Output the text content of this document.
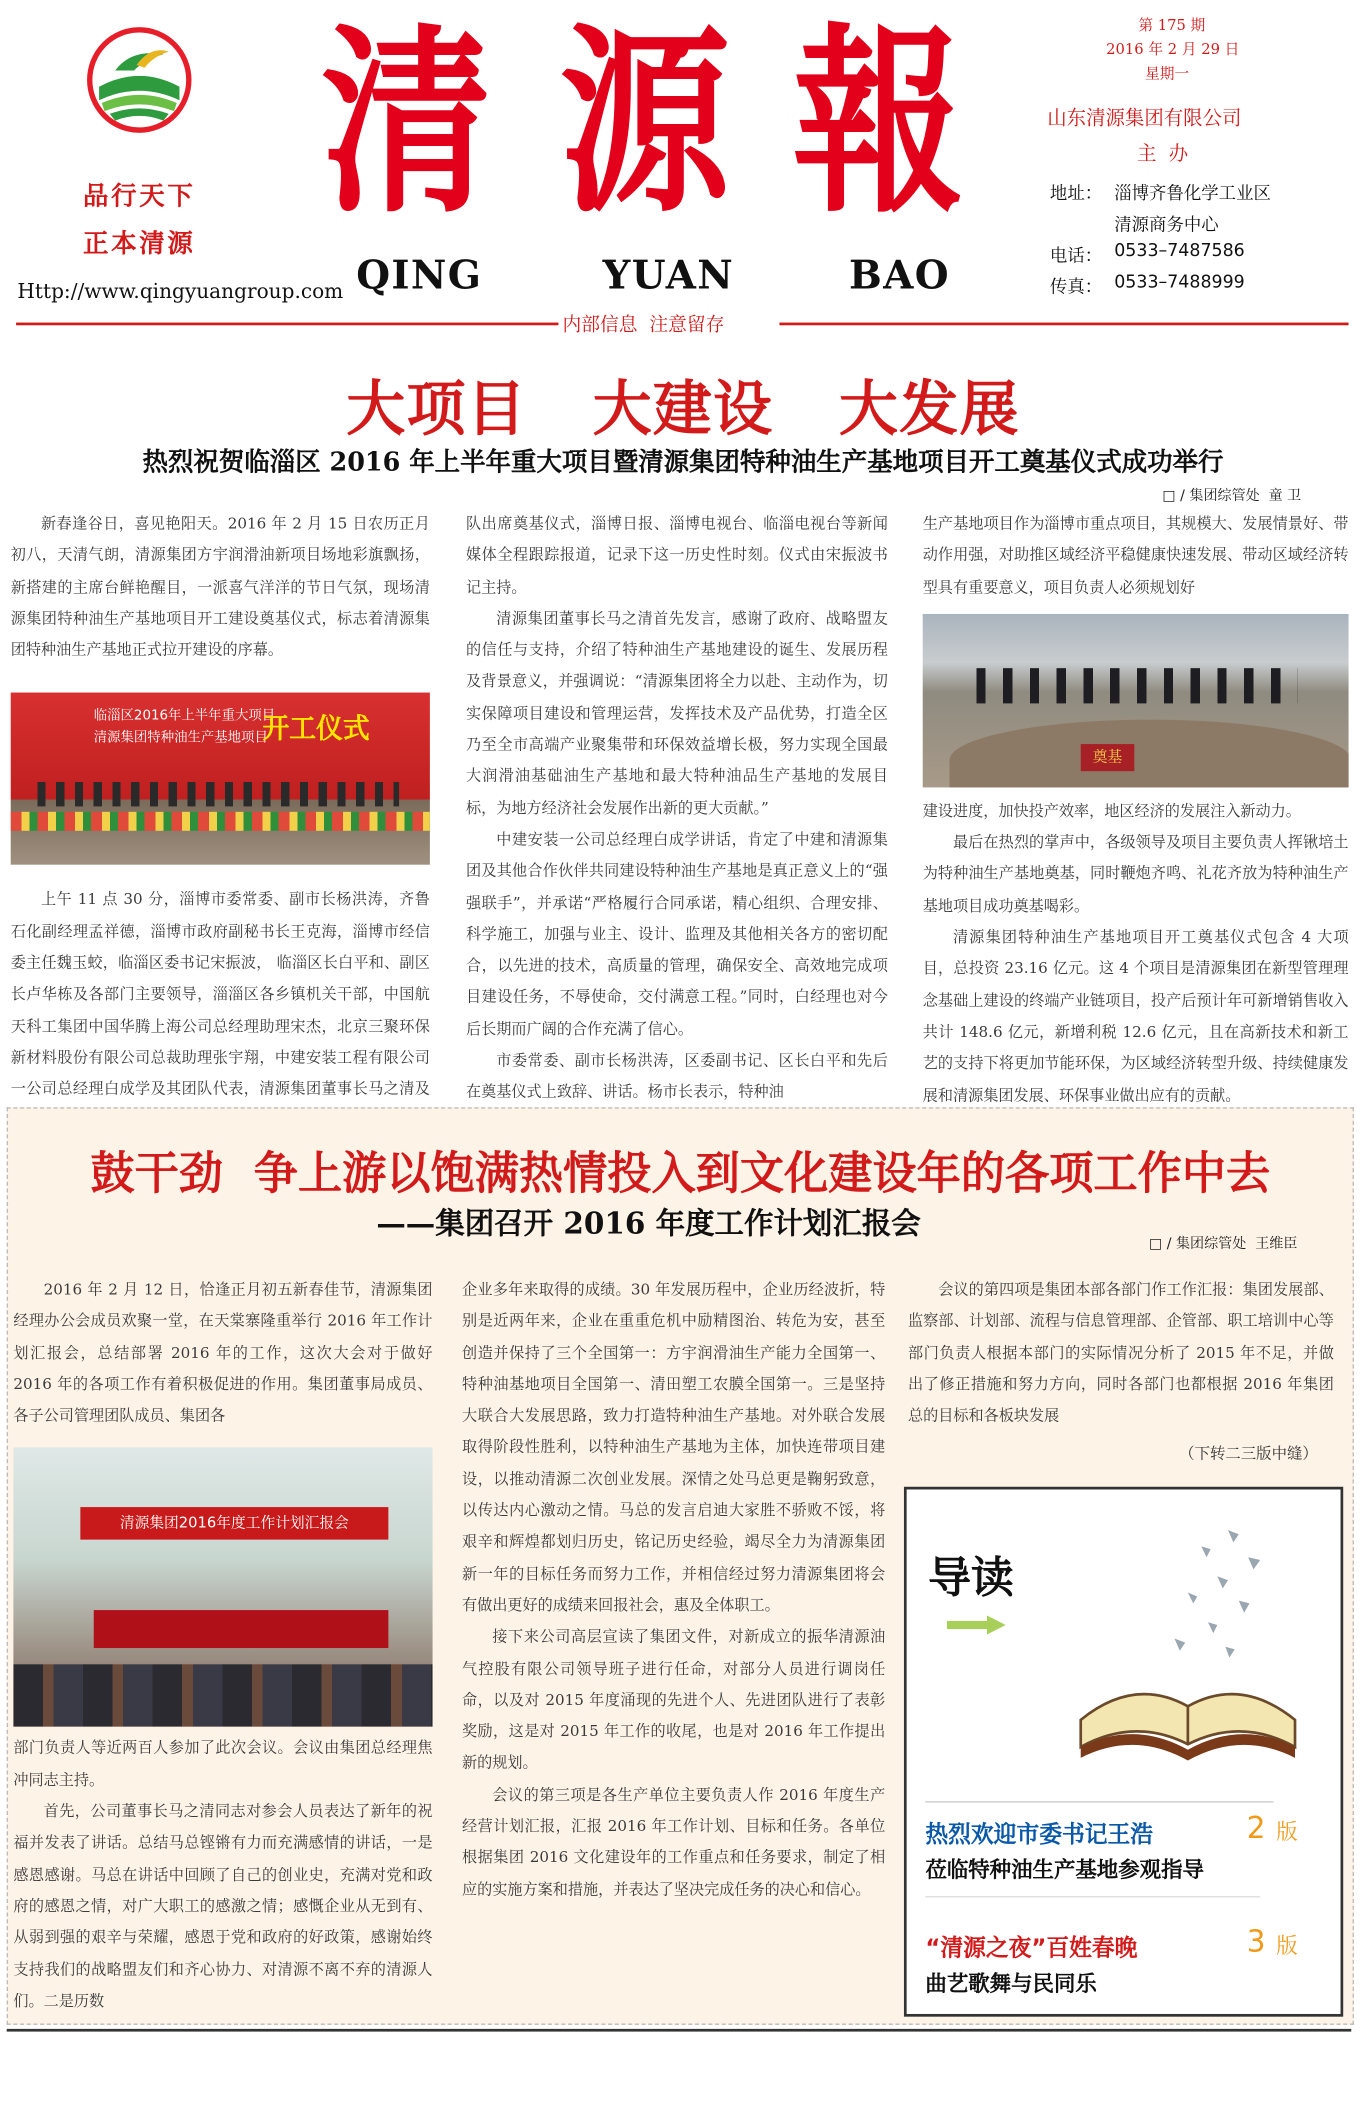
品行天下
正本清源
Http://www.qingyuangroup.com
清 源 報
QING	YUAN	BAO
第 175 期
2016 年 2 月 29 日
星期一
山东清源集团有限公司
主  办
地址： 淄博齐鲁化学工业区
清源商务中心
电话： 0533–7487586
传真： 0533–7488999
内部信息  注意留存
大项目   大建设   大发展
热烈祝贺临淄区 2016 年上半年重大项目暨清源集团特种油生产基地项目开工奠基仪式成功举行
□ / 集团综管处  童 卫

新春逢谷日，喜见艳阳天。2016 年 2 月 15 日农历正月初八，天清气朗，清源集团方宇润滑油新项目场地彩旗飘扬，新搭建的主席台鲜艳醒目，一派喜气洋洋的节日气氛，现场清源集团特种油生产基地项目开工建设奠基仪式，标志着清源集团特种油生产基地正式拉开建设的序幕。

临淄区2016年上半年重大项目
清源集团特种油生产基地项目
开工仪式

上午 11 点 30 分，淄博市委常委、副市长杨洪涛，齐鲁石化副经理孟祥德，淄博市政府副秘书长王克海，淄博市经信委主任魏玉蛟，临淄区委书记宋振波， 临淄区长白平和、副区长卢华栋及各部门主要领导，淄淄区各乡镇机关干部，中国航天科工集团中国华腾上海公司总经理助理宋杰，北京三聚环保新材料股份有限公司总裁助理张宇翔，中建安装工程有限公司一公司总经理白成学及其团队代表，清源集团董事长马之清及

队出席奠基仪式，淄博日报、淄博电视台、临淄电视台等新闻媒体全程跟踪报道，记录下这一历史性时刻。仪式由宋振波书记主持。

清源集团董事长马之清首先发言，感谢了政府、战略盟友的信任与支持，介绍了特种油生产基地建设的诞生、发展历程及背景意义，并强调说：“清源集团将全力以赴、主动作为，切实保障项目建设和管理运营，发挥技术及产品优势，打造全区乃至全市高端产业聚集带和环保效益增长极，努力实现全国最大润滑油基础油生产基地和最大特种油品生产基地的发展目标，为地方经济社会发展作出新的更大贡献。”

中建安装一公司总经理白成学讲话，肯定了中建和清源集团及其他合作伙伴共同建设特种油生产基地是真正意义上的“强强联手”，并承诺“严格履行合同承诺，精心组织、合理安排、科学施工，加强与业主、设计、监理及其他相关各方的密切配合，以先进的技术，高质量的管理，确保安全、高效地完成项目建设任务，不辱使命，交付满意工程。”同时，白经理也对今后长期而广阔的合作充满了信心。

市委常委、副市长杨洪涛，区委副书记、区长白平和先后在奠基仪式上致辞、讲话。杨市长表示，特种油

生产基地项目作为淄博市重点项目，其规模大、发展情景好、带动作用强，对助推区域经济平稳健康快速发展、带动区域经济转型具有重要意义，项目负责人必须规划好

奠基

建设进度，加快投产效率，地区经济的发展注入新动力。

最后在热烈的掌声中，各级领导及项目主要负责人挥锹培土为特种油生产基地奠基，同时鞭炮齐鸣、礼花齐放为特种油生产基地项目成功奠基喝彩。

清源集团特种油生产基地项目开工奠基仪式包含 4 大项目，总投资 23.16 亿元。这 4 个项目是清源集团在新型管理理念基础上建设的终端产业链项目，投产后预计年可新增销售收入共计 148.6 亿元，新增利税 12.6 亿元，且在高新技术和新工艺的支持下将更加节能环保，为区域经济转型升级、持续健康发展和清源集团发展、环保事业做出应有的贡献。

鼓干劲  争上游以饱满热情投入到文化建设年的各项工作中去
——集团召开 2016 年度工作计划汇报会
□ / 集团综管处  王维臣

2016 年 2 月 12 日，恰逢正月初五新春佳节，清源集团经理办公会成员欢聚一堂，在天棠寨隆重举行 2016 年工作计划汇报会，总结部署 2016 年的工作，这次大会对于做好 2016 年的各项工作有着积极促进的作用。集团董事局成员、各子公司管理团队成员、集团各

清源集团2016年度工作计划汇报会

部门负责人等近两百人参加了此次会议。会议由集团总经理焦冲同志主持。

首先，公司董事长马之清同志对参会人员表达了新年的祝福并发表了讲话。总结马总铿锵有力而充满感情的讲话，一是感恩感谢。马总在讲话中回顾了自己的创业史，充满对党和政府的感恩之情，对广大职工的感激之情；感慨企业从无到有、从弱到强的艰辛与荣耀，感恩于党和政府的好政策，感谢始终支持我们的战略盟友们和齐心协力、对清源不离不弃的清源人们。二是历数

企业多年来取得的成绩。30 年发展历程中，企业历经波折，特别是近两年来，企业在重重危机中励精图治、转危为安，甚至创造并保持了三个全国第一：方宇润滑油生产能力全国第一、特种油基地项目全国第一、清田塑工农膜全国第一。三是坚持大联合大发展思路，致力打造特种油生产基地。对外联合发展取得阶段性胜利，以特种油生产基地为主体，加快连带项目建设，以推动清源二次创业发展。深情之处马总更是鞠躬致意，以传达内心激动之情。马总的发言启迪大家胜不骄败不馁，将艰辛和辉煌都划归历史，铭记历史经验，竭尽全力为清源集团新一年的目标任务而努力工作，并相信经过努力清源集团将会有做出更好的成绩来回报社会，惠及全体职工。

接下来公司高层宣读了集团文件，对新成立的振华清源油气控股有限公司领导班子进行任命，对部分人员进行调岗任命，以及对 2015 年度涌现的先进个人、先进团队进行了表彰奖励，这是对 2015 年工作的收尾，也是对 2016 年工作提出新的规划。

会议的第三项是各生产单位主要负责人作 2016 年度生产经营计划汇报，汇报 2016 年工作计划、目标和任务。各单位根据集团 2016 文化建设年的工作重点和任务要求，制定了相应的实施方案和措施，并表达了坚决完成任务的决心和信心。

会议的第四项是集团本部各部门作工作汇报：集团发展部、监察部、计划部、流程与信息管理部、企管部、职工培训中心等部门负责人根据本部门的实际情况分析了 2015 年不足，并做出了修正措施和努力方向，同时各部门也都根据 2016 年集团总的目标和各板块发展

（下转二三版中缝）
导读
热烈欢迎市委书记王浩	2 版
莅临特种油生产基地参观指导
“清源之夜”百姓春晚	3 版
曲艺歌舞与民同乐
